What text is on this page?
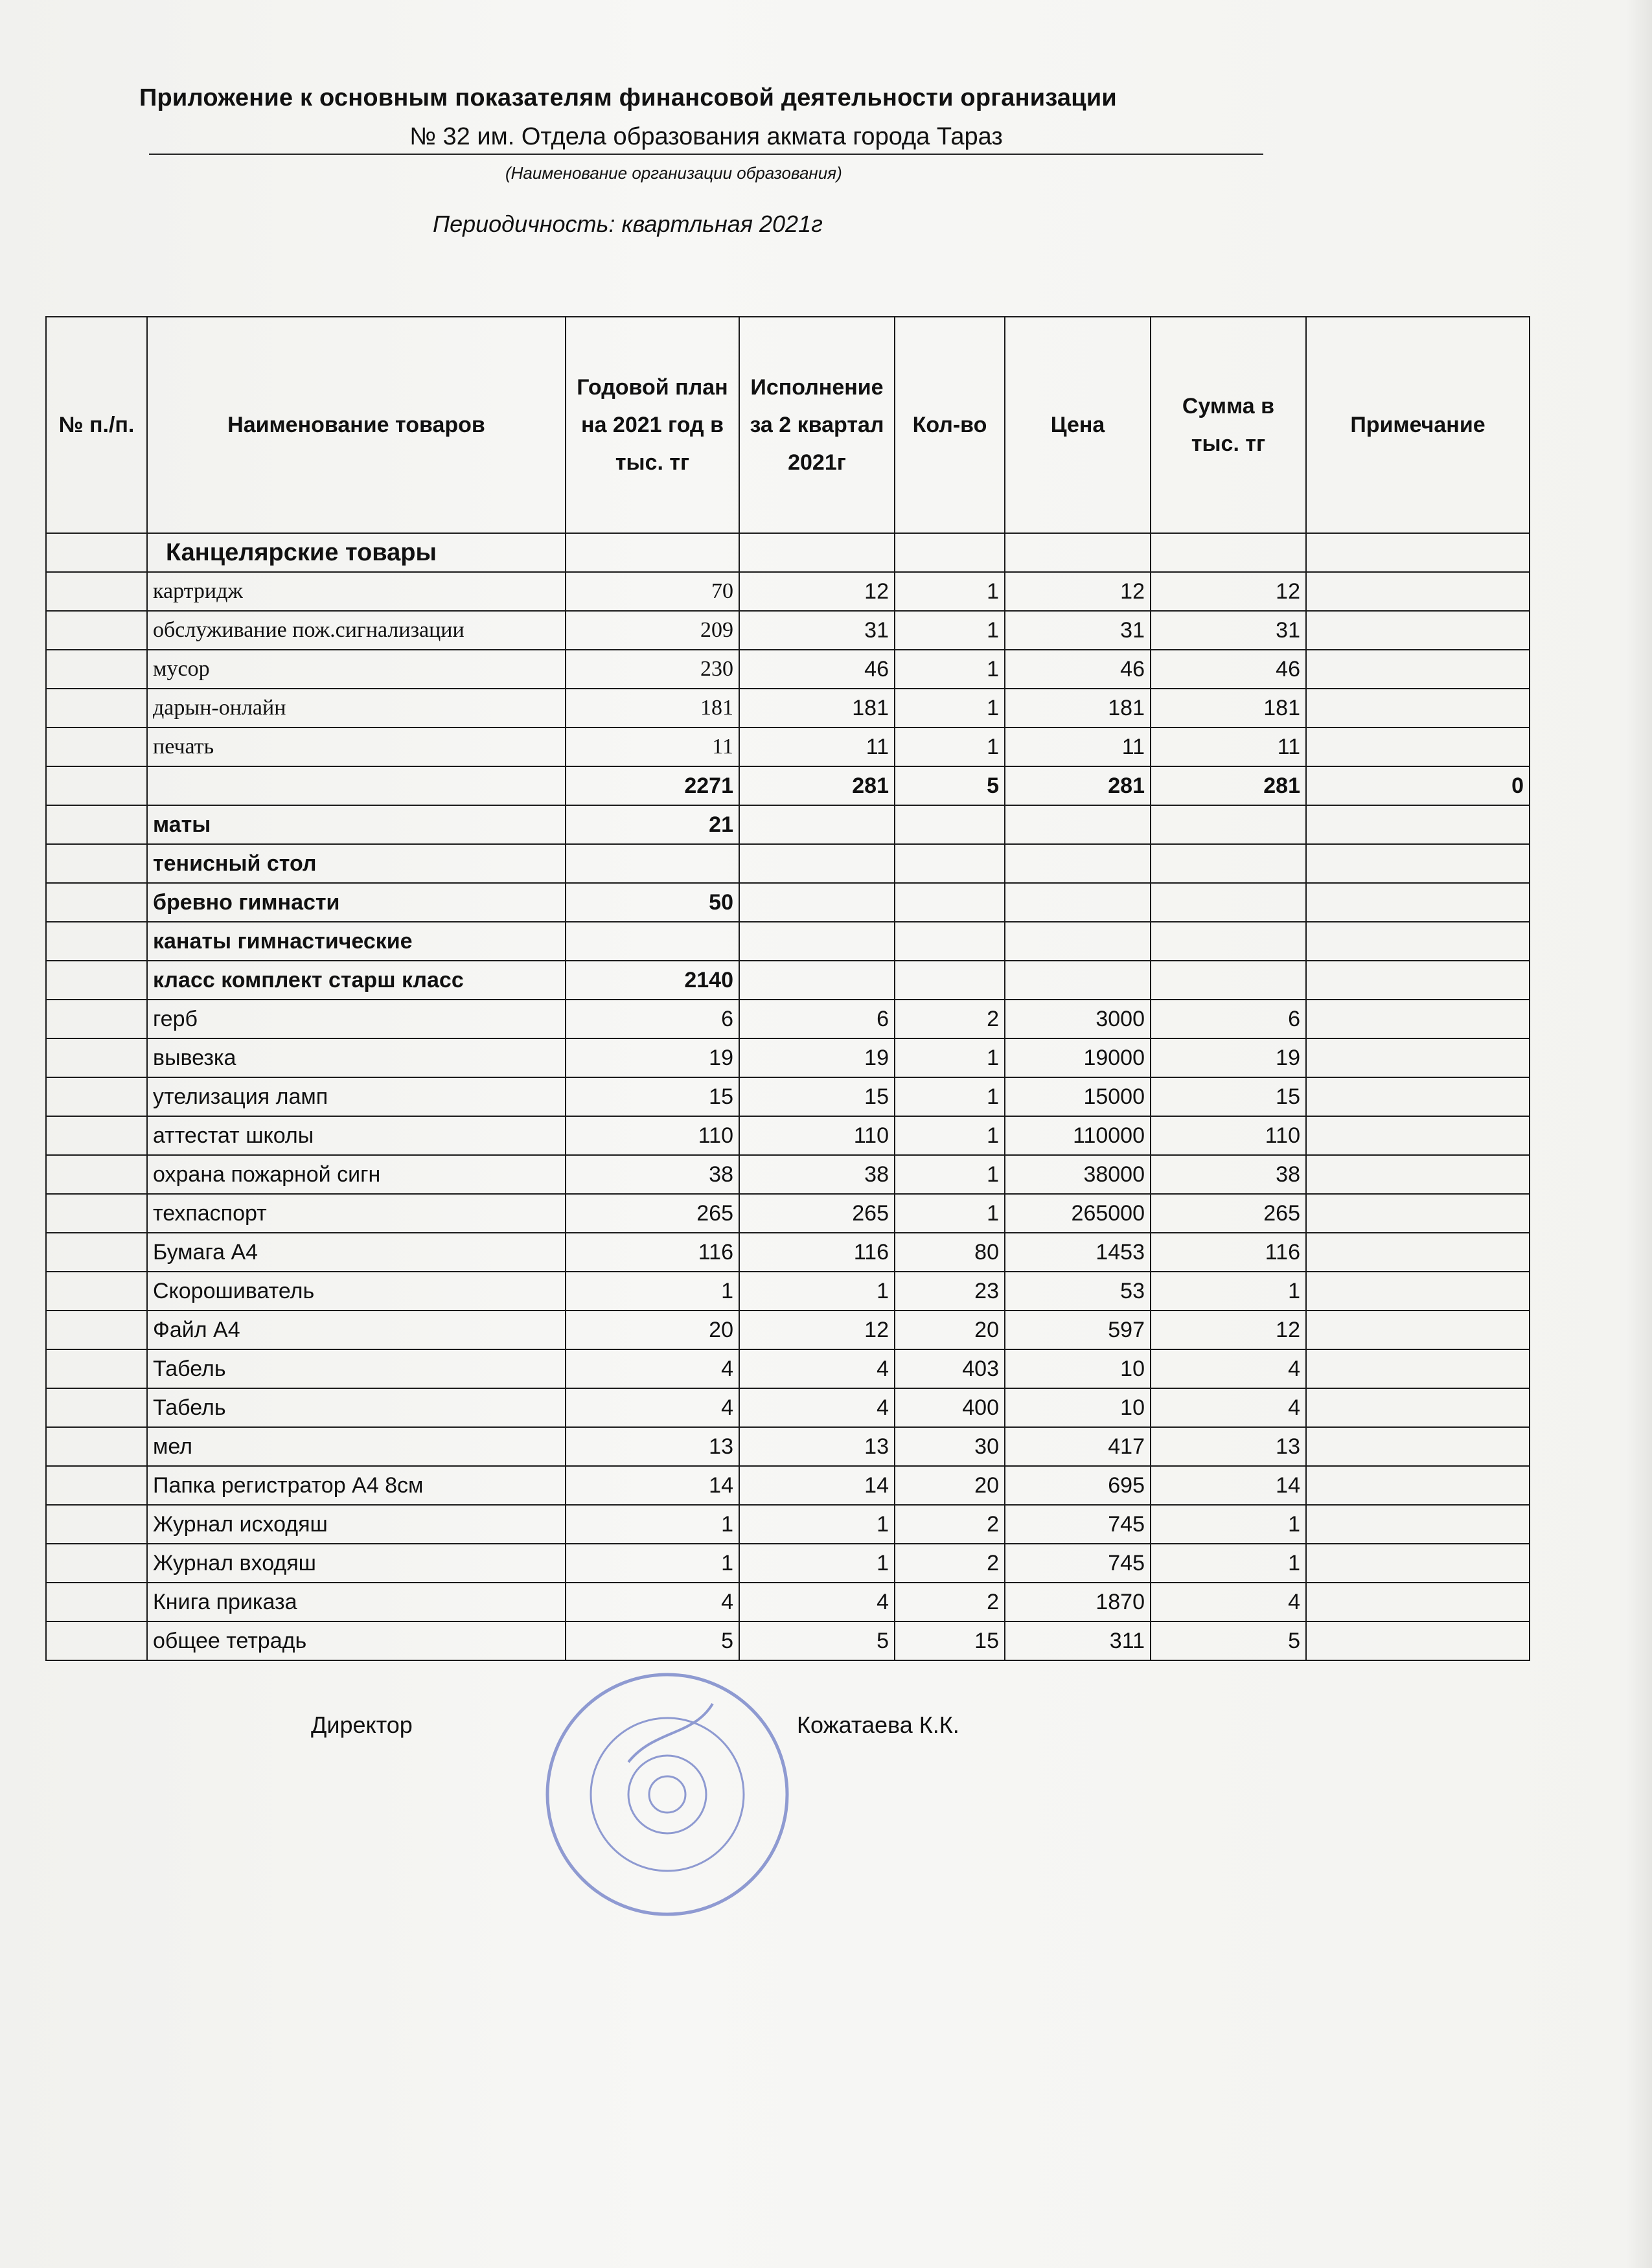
Приложение к основным показателям финансовой деятельности организации
№ 32 им. Отдела образования акмата города Тараз
(Наименование организации образования)
Периодичность: квартльная 2021г
№ п./п.	Наименование товаров	Годовой план на 2021 год в тыс. тг	Исполнение за 2 квартал 2021г	Кол-во	Цена	Сумма в тыс. тг	Примечание
	Канцелярские товары						
	картридж	70	12	1	12	12	
	обслуживание пож.сигнализации	209	31	1	31	31	
	мусор	230	46	1	46	46	
	дарын-онлайн	181	181	1	181	181	
	печать	11	11	1	11	11	
		2271	281	5	281	281	0
	маты	21					
	тенисный стол						
	бревно гимнасти	50					
	канаты гимнастические						
	класс комплект старш класс	2140					
	герб	6	6	2	3000	6	
	вывезка	19	19	1	19000	19	
	утелизация ламп	15	15	1	15000	15	
	аттестат школы	110	110	1	110000	110	
	охрана пожарной сигн	38	38	1	38000	38	
	техпаспорт	265	265	1	265000	265	
	Бумага А4	116	116	80	1453	116	
	Скорошиватель	1	1	23	53	1	
	Файл А4	20	12	20	597	12	
	Табель	4	4	403	10	4	
	Табель	4	4	400	10	4	
	мел	13	13	30	417	13	
	Папка регистратор А4 8см	14	14	20	695	14	
	Журнал исходяш	1	1	2	745	1	
	Журнал входяш	1	1	2	745	1	
	Книга приказа	4	4	2	1870	4	
	общее тетрадь	5	5	15	311	5	
Директор	Кожатаева К.К.
